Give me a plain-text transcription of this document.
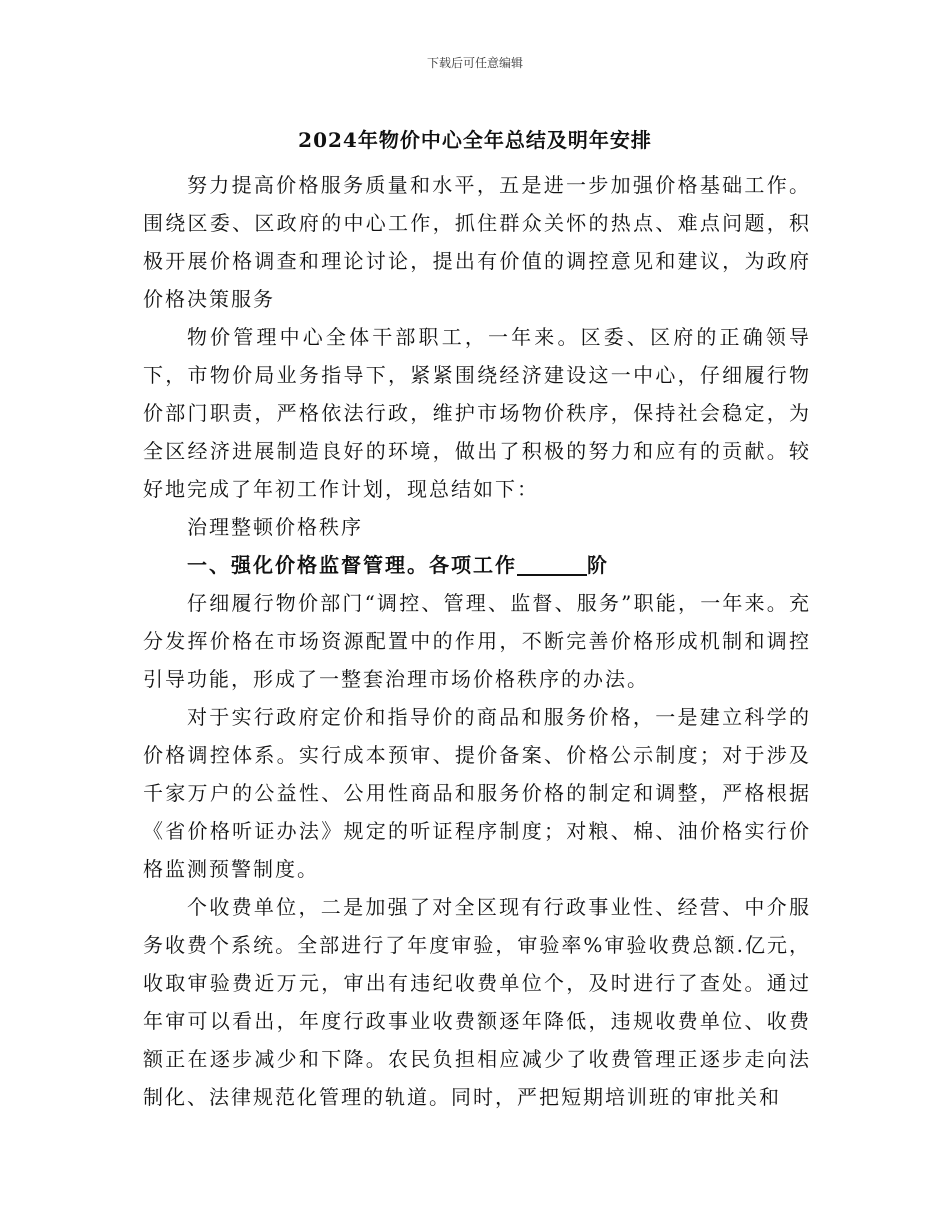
下载后可任意编辑
2024年物价中心全年总结及明年安排

努力提高价格服务质量和水平，五是进一步加强价格基础工作。围绕区委、区政府的中心工作，抓住群众关怀的热点、难点问题，积极开展价格调查和理论讨论，提出有价值的调控意见和建议，为政府价格决策服务

物价管理中心全体干部职工，一年来。区委、区府的正确领导下，市物价局业务指导下，紧紧围绕经济建设这一中心，仔细履行物价部门职责，严格依法行政，维护市场物价秩序，保持社会稳定，为全区经济进展制造良好的环境，做出了积极的努力和应有的贡献。较好地完成了年初工作计划，现总结如下：

治理整顿价格秩序

一、强化价格监督管理。各项工作	阶

仔细履行物价部门“调控、管理、监督、服务”职能，一年来。充分发挥价格在市场资源配置中的作用，不断完善价格形成机制和调控引导功能，形成了一整套治理市场价格秩序的办法。

对于实行政府定价和指导价的商品和服务价格，一是建立科学的价格调控体系。实行成本预审、提价备案、价格公示制度；对于涉及千家万户的公益性、公用性商品和服务价格的制定和调整，严格根据《省价格听证办法》规定的听证程序制度；对粮、棉、油价格实行价格监测预警制度。

个收费单位，二是加强了对全区现有行政事业性、经营、中介服务收费个系统。全部进行了年度审验，审验率%审验收费总额.亿元，收取审验费近万元，审出有违纪收费单位个，及时进行了查处。通过年审可以看出，年度行政事业收费额逐年降低，违规收费单位、收费额正在逐步减少和下降。农民负担相应减少了收费管理正逐步走向法制化、法律规范化管理的轨道。同时，严把短期培训班的审批关和
